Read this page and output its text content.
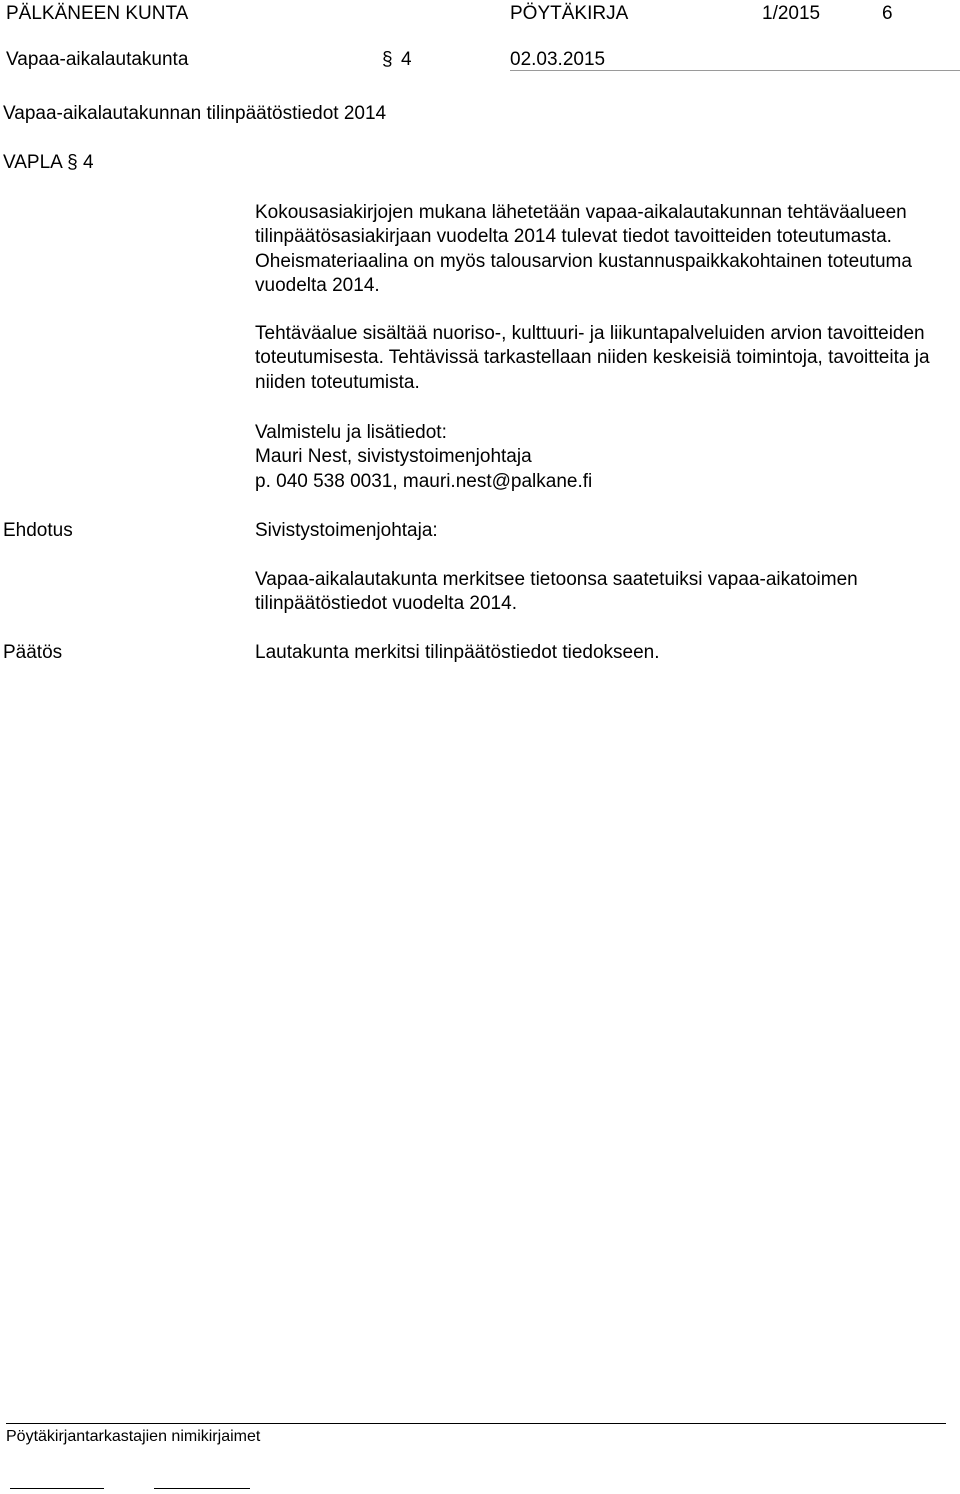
PÄLKÄNEEN KUNTA	PÖYTÄKIRJA	1/2015	6
Vapaa-aikalautakunta	§ 4	02.03.2015
Vapaa-aikalautakunnan tilinpäätöstiedot 2014
VAPLA § 4
Kokousasiakirjojen mukana lähetetään vapaa-aikalautakunnan tehtäväalueen tilinpäätösasiakirjaan vuodelta 2014 tulevat tiedot tavoitteiden toteutumasta. Oheismateriaalina on myös talousarvion kustannuspaikkakohtainen toteutuma vuodelta 2014.
Tehtäväalue sisältää nuoriso-, kulttuuri- ja liikuntapalveluiden arvion tavoitteiden toteutumisesta. Tehtävissä tarkastellaan niiden keskeisiä toimintoja, tavoitteita ja niiden toteutumista.
Valmistelu ja lisätiedot:
Mauri Nest, sivistystoimenjohtaja
p. 040 538 0031, mauri.nest@palkane.fi
Ehdotus	Sivistystoimenjohtaja:
Vapaa-aikalautakunta merkitsee tietoonsa saatetuiksi vapaa-aikatoimen tilinpäätöstiedot vuodelta 2014.
Päätös	Lautakunta merkitsi tilinpäätöstiedot tiedokseen.
Pöytäkirjantarkastajien nimikirjaimet
